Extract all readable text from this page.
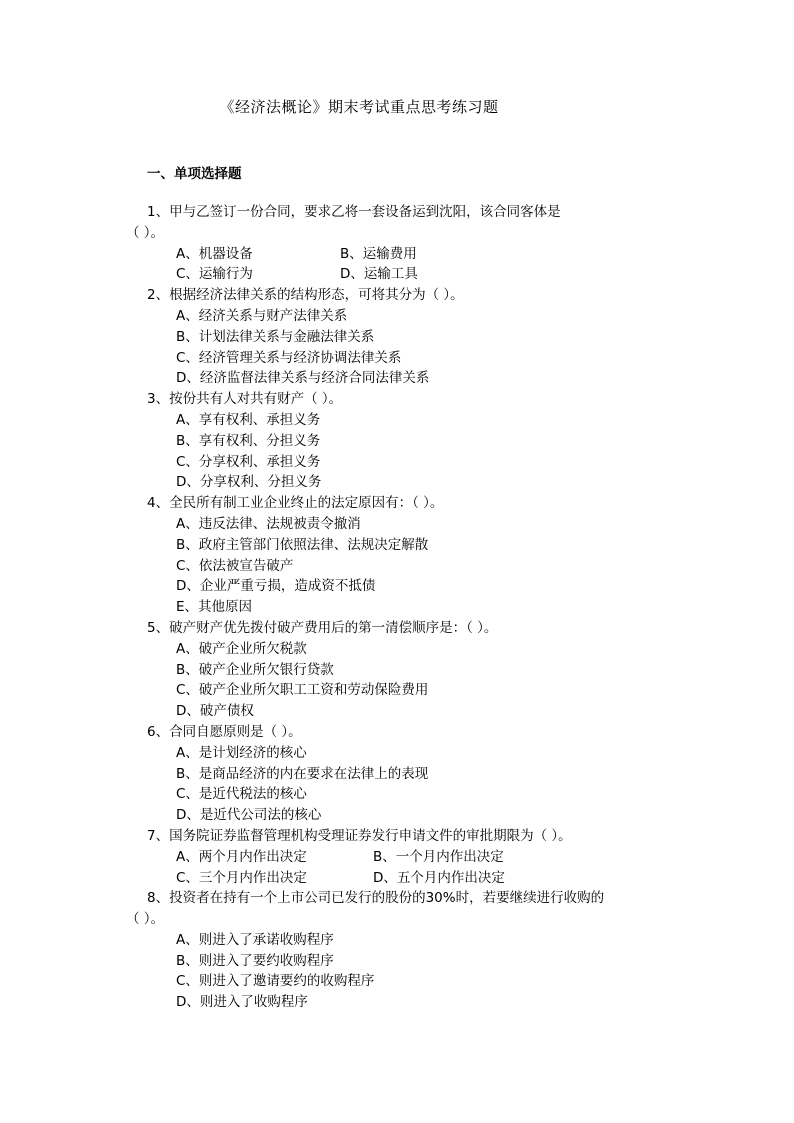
《经济法概论》期末考试重点思考练习题
一、单项选择题
1、甲与乙签订一份合同，要求乙将一套设备运到沈阳，该合同客体是
（ ）。
A、机器设备	B、运输费用
C、运输行为	D、运输工具
2、根据经济法律关系的结构形态，可将其分为（ ）。
A、经济关系与财产法律关系
B、计划法律关系与金融法律关系
C、经济管理关系与经济协调法律关系
D、经济监督法律关系与经济合同法律关系
3、按份共有人对共有财产（ ）。
A、享有权利、承担义务
B、享有权利、分担义务
C、分享权利、承担义务
D、分享权利、分担义务
4、全民所有制工业企业终止的法定原因有：（ ）。
A、违反法律、法规被责令撤消
B、政府主管部门依照法律、法规决定解散
C、依法被宣告破产
D、企业严重亏损，造成资不抵债
E、其他原因
5、破产财产优先拨付破产费用后的第一清偿顺序是：（ ）。
A、破产企业所欠税款
B、破产企业所欠银行贷款
C、破产企业所欠职工工资和劳动保险费用
D、破产债权
6、合同自愿原则是（ ）。
A、是计划经济的核心
B、是商品经济的内在要求在法律上的表现
C、是近代税法的核心
D、是近代公司法的核心
7、国务院证券监督管理机构受理证券发行申请文件的审批期限为（ ）。
A、两个月内作出决定	B、一个月内作出决定
C、三个月内作出决定	D、五个月内作出决定
8、投资者在持有一个上市公司已发行的股份的30%时，若要继续进行收购的
（ ）。
A、则进入了承诺收购程序
B、则进入了要约收购程序
C、则进入了邀请要约的收购程序
D、则进入了收购程序
